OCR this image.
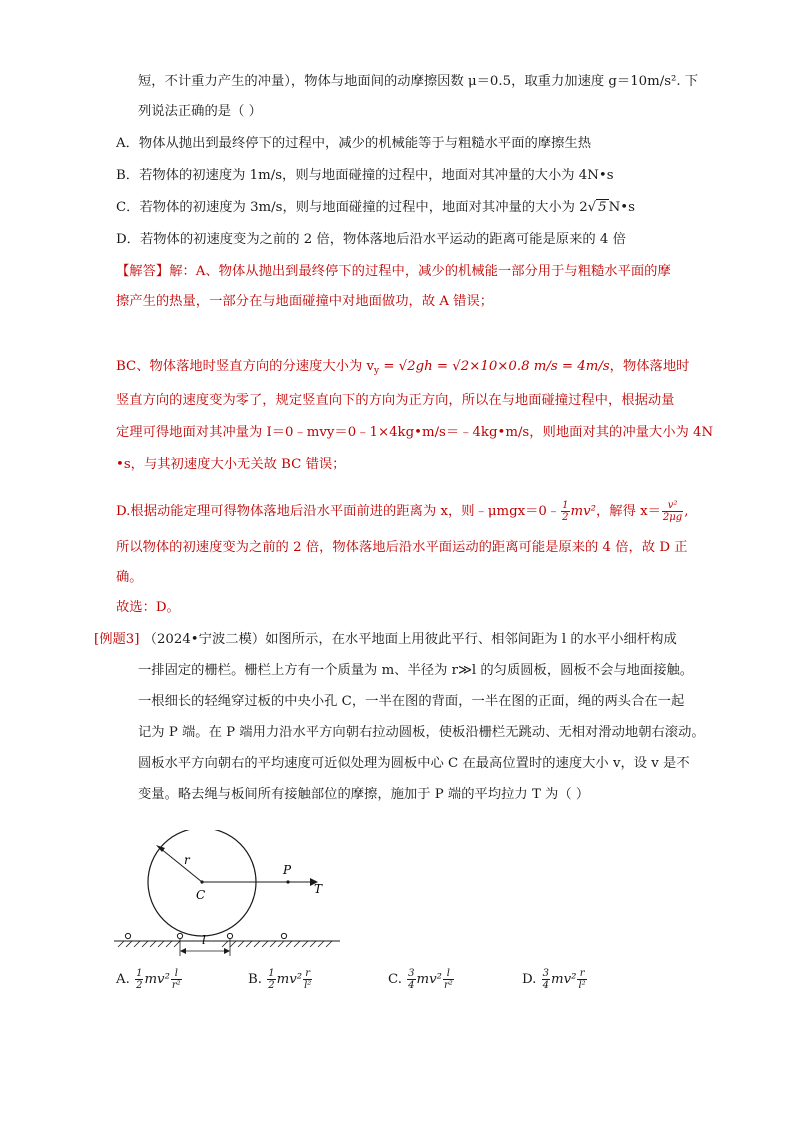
短，不计重力产生的冲量），物体与地面间的动摩擦因数 μ＝0.5，取重力加速度 g＝10m/s². 下
列说法正确的是（ ）
A．物体从抛出到最终停下的过程中，减少的机械能等于与粗糙水平面的摩擦生热
B．若物体的初速度为 1m/s，则与地面碰撞的过程中，地面对其冲量的大小为 4N•s
C．若物体的初速度为 3m/s，则与地面碰撞的过程中，地面对其冲量的大小为 2√ 5 N•s
D．若物体的初速度变为之前的 2 倍，物体落地后沿水平运动的距离可能是原来的 4 倍
【解答】解：A、物体从抛出到最终停下的过程中，减少的机械能一部分用于与粗糙水平面的摩
擦产生的热量，一部分在与地面碰撞中对地面做功，故 A 错误；
BC、物体落地时竖直方向的分速度大小为 $v_y = √2gh = √2\times 10\times 0.8$ m/s = 4m/s，物体落地时
竖直方向的速度变为零了，规定竖直向下的方向为正方向，所以在与地面碰撞过程中，根据动量
定理可得地面对其冲量为 I＝0﹣mvy＝0﹣1×4kg•m/s＝﹣4kg•m/s，则地面对其的冲量大小为 4N
•s，与其初速度大小无关故 BC 错误；
D.根据动能定理可得物体落地后沿水平面前进的距离为 x，则﹣μmgx＝0﹣ $\frac{1}{2} mv^2$，解得 $x= \frac{\text{v²}}{2\mu g}$ ,
所以物体的初速度变为之前的 2 倍，物体落地后沿水平面运动的距离可能是原来的 4 倍，故 D 正
确。
故选：D。
[例题3] （2024•宁波二模）如图所示，在水平地面上用彼此平行、相邻间距为 l 的水平小细杆构成
一排固定的栅栏。栅栏上方有一个质量为 m、半径为 r≫l 的匀质圆板，圆板不会与地面接触。
一根细长的轻绳穿过板的中央小孔 C，一半在图的背面，一半在图的正面，绳的两头合在一起
记为 P 端。在 P 端用力沿水平方向朝右拉动圆板，使板沿栅栏无跳动、无相对滑动地朝右滚动。
圆板水平方向朝右的平均速度可近似处理为圆板中心 C 在最高位置时的速度大小 v，设 v 是不
变量。略去绳与板间所有接触部位的摩擦，施加于 P 端的平均拉力 T 为（ ）
r
C
P
T
l
A. $\frac{1}{2} mv^2 \frac{l}{\text{r²}}$	B. $\frac{1}{2} mv^2 \frac{r}{\text{l²}}$	C. $\frac{3}{4} mv^2 \frac{l}{\text{r²}}$	D. $\frac{3}{4} mv^2 \frac{r}{\text{l²}}$
